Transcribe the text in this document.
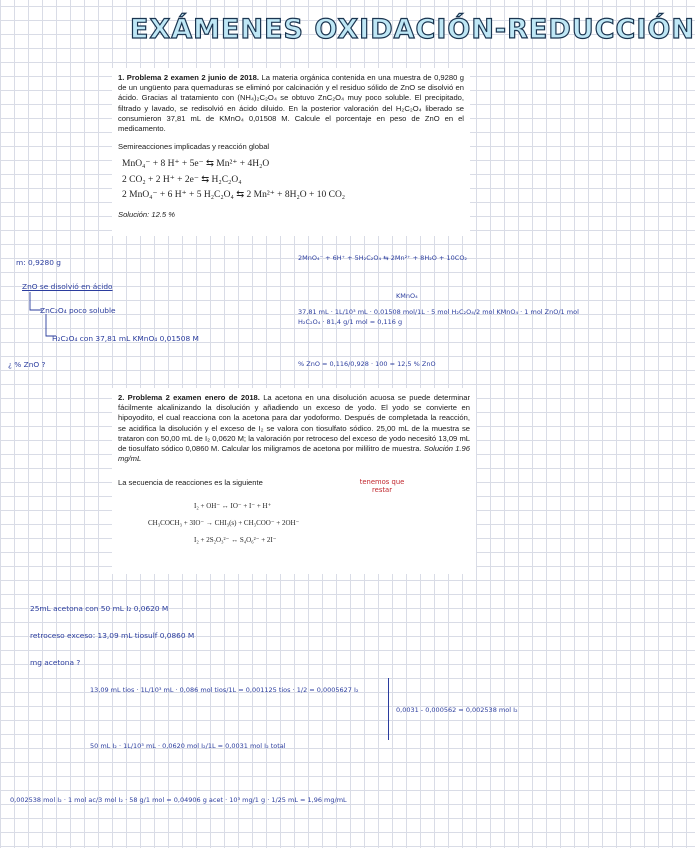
EXÁMENES OXIDACIÓN-REDUCCIÓN
1. Problema 2 examen 2 junio de 2018. La materia orgánica contenida en una muestra de 0,9280 g de un ungüento para quemaduras se eliminó por calcinación y el residuo sólido de ZnO se disolvió en ácido. Gracias al tratamiento con (NH₄)₂C₂O₄ se obtuvo ZnC₂O₄ muy poco soluble. El precipitado, filtrado y lavado, se redisolvió en ácido diluido. En la posterior valoración del H₂C₂O₄ liberado se consumieron 37,81 mL de KMnO₄ 0,01508 M. Calcule el porcentaje en peso de ZnO en el medicamento.
Semireacciones implicadas y reacción global
MnO₄⁻ + 8 H⁺ + 5e⁻ ⇆ Mn²⁺ + 4H₂O
2 CO₂ + 2 H⁺ + 2e⁻ ⇆ H₂C₂O₄
2 MnO₄⁻ + 6 H⁺ + 5 H₂C₂O₄ ⇆ 2 Mn²⁺ + 8H₂O + 10 CO₂
Solución: 12.5 %
m: 0,9280 g
ZnO se disolvió en ácido
ZnC₂O₄ poco soluble
H₂C₂O₄ con 37,81 mL KMnO₄ 0,01508 M
¿ % ZnO ?
2MnO₄⁻ + 6H⁺ + 5H₂C₂O₄ ⇆ 2Mn²⁺ + 8H₂O + 10CO₂
KMnO₄
37,81 mL · 1L/10³ mL · 0,01508 mol/1L · 5 mol H₂C₂O₄/2 mol KMnO₄ · 1 mol ZnO/1 mol H₂C₂O₄ · 81,4 g/1 mol = 0,116 g
% ZnO = 0,116/0,928 · 100 = 12,5 % ZnO
2. Problema 2 examen enero de 2018. La acetona en una disolución acuosa se puede determinar fácilmente alcalinizando la disolución y añadiendo un exceso de yodo. El yodo se convierte en hipoyodito, el cual reacciona con la acetona para dar yodoformo. Después de completada la reacción, se acidifica la disolución y el exceso de I₂ se valora con tiosulfato sódico. 25,00 mL de la muestra se trataron con 50,00 mL de I₂ 0,0620 M; la valoración por retroceso del exceso de yodo necesitó 13,09 mL de tiosulfato sódico 0,0860 M. Calcular los miligramos de acetona por mililitro de muestra. Solución 1.96 mg/mL
La secuencia de reacciones es la siguiente
I₂ + OH⁻ ↔ IO⁻ + I⁻ + H⁺
CH₃COCH₃ + 3IO⁻ → CHI₃(s) + CH₃COO⁻ + 2OH⁻
I₂ + 2S₂O₃²⁻ ↔ S₄O₆²⁻ + 2I⁻
tenemos que restar
25mL acetona con 50 mL I₂ 0,0620 M
retroceso exceso: 13,09 mL tiosulf 0,0860 M
mg acetona ?
13,09 mL tios · 1L/10³ mL · 0,086 mol tios/1L = 0,001125 tios · 1/2 = 0,0005627 I₂
50 mL I₂ · 1L/10³ mL · 0,0620 mol I₂/1L = 0,0031 mol I₂ total
0,0031 - 0,000562 = 0,002538 mol I₂
0,002538 mol I₂ · 1 mol ac/3 mol I₂ · 58 g/1 mol = 0,04906 g acet · 10³ mg/1 g · 1/25 mL = 1,96 mg/mL
